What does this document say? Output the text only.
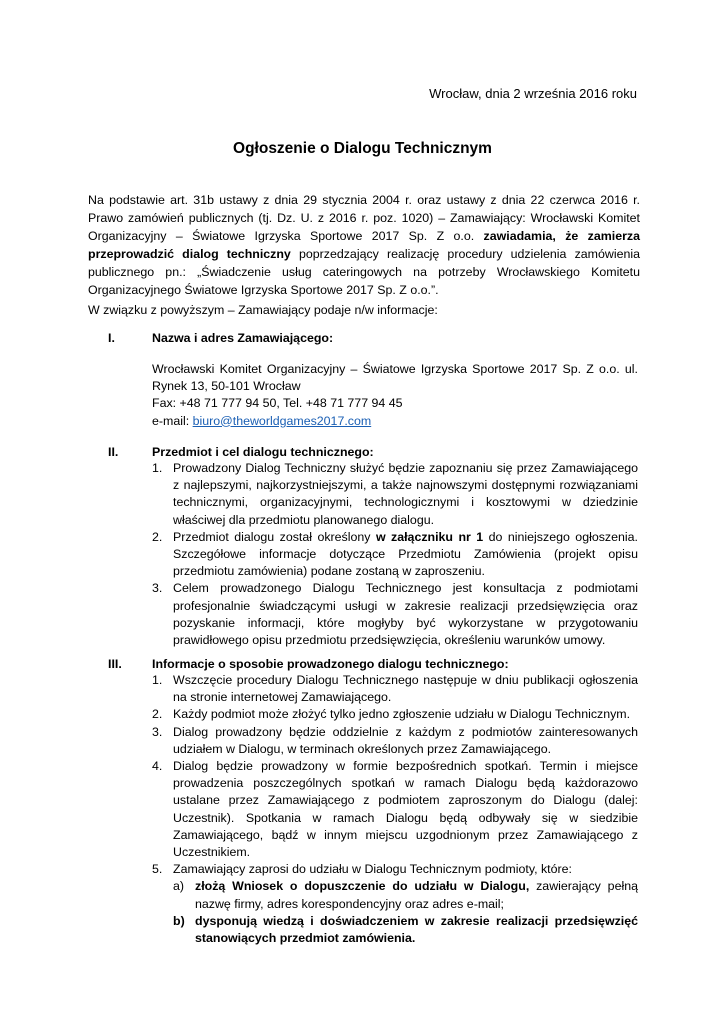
Wrocław, dnia 2 września 2016 roku
Ogłoszenie o Dialogu Technicznym
Na podstawie art. 31b ustawy z dnia 29 stycznia 2004 r. oraz ustawy z dnia 22 czerwca 2016 r. Prawo zamówień publicznych (tj. Dz. U. z 2016 r. poz. 1020) – Zamawiający: Wrocławski Komitet Organizacyjny – Światowe Igrzyska Sportowe 2017 Sp. Z o.o. zawiadamia, że zamierza przeprowadzić dialog techniczny poprzedzający realizację procedury udzielenia zamówienia publicznego pn.: „Świadczenie usług cateringowych na potrzeby Wrocławskiego Komitetu Organizacyjnego Światowe Igrzyska Sportowe 2017 Sp. Z o.o.”.
W związku z powyższym – Zamawiający podaje n/w informacje:
I.	Nazwa i adres Zamawiającego:
Wrocławski Komitet Organizacyjny – Światowe Igrzyska Sportowe 2017 Sp. Z o.o. ul. Rynek 13, 50-101 Wrocław
Fax: +48 71 777 94 50, Tel. +48 71 777 94 45
e-mail: biuro@theworldgames2017.com
II.	Przedmiot i cel dialogu technicznego:
1. Prowadzony Dialog Techniczny służyć będzie zapoznaniu się przez Zamawiającego z najlepszymi, najkorzystniejszymi, a także najnowszymi dostępnymi rozwiązaniami technicznymi, organizacyjnymi, technologicznymi i kosztowymi w dziedzinie właściwej dla przedmiotu planowanego dialogu.
2. Przedmiot dialogu został określony w załączniku nr 1 do niniejszego ogłoszenia. Szczegółowe informacje dotyczące Przedmiotu Zamówienia (projekt opisu przedmiotu zamówienia) podane zostaną w zaproszeniu.
3. Celem prowadzonego Dialogu Technicznego jest konsultacja z podmiotami profesjonalnie świadczącymi usługi w zakresie realizacji przedsięwzięcia oraz pozyskanie informacji, które mogłyby być wykorzystane w przygotowaniu prawidłowego opisu przedmiotu przedsięwzięcia, określeniu warunków umowy.
III. Informacje o sposobie prowadzonego dialogu technicznego:
1. Wszczęcie procedury Dialogu Technicznego następuje w dniu publikacji ogłoszenia na stronie internetowej Zamawiającego.
2. Każdy podmiot może złożyć tylko jedno zgłoszenie udziału w Dialogu Technicznym.
3. Dialog prowadzony będzie oddzielnie z każdym z podmiotów zainteresowanych udziałem w Dialogu, w terminach określonych przez Zamawiającego.
4. Dialog będzie prowadzony w formie bezpośrednich spotkań. Termin i miejsce prowadzenia poszczególnych spotkań w ramach Dialogu będą każdorazowo ustalane przez Zamawiającego z podmiotem zaproszonym do Dialogu (dalej: Uczestnik). Spotkania w ramach Dialogu będą odbywały się w siedzibie Zamawiającego, bądź w innym miejscu uzgodnionym przez Zamawiającego z Uczestnikiem.
5. Zamawiający zaprosi do udziału w Dialogu Technicznym podmioty, które:
a) złożą Wniosek o dopuszczenie do udziału w Dialogu, zawierający pełną nazwę firmy, adres korespondencyjny oraz adres e-mail;
b) dysponują wiedzą i doświadczeniem w zakresie realizacji przedsięwzięć stanowiących przedmiot zamówienia.
